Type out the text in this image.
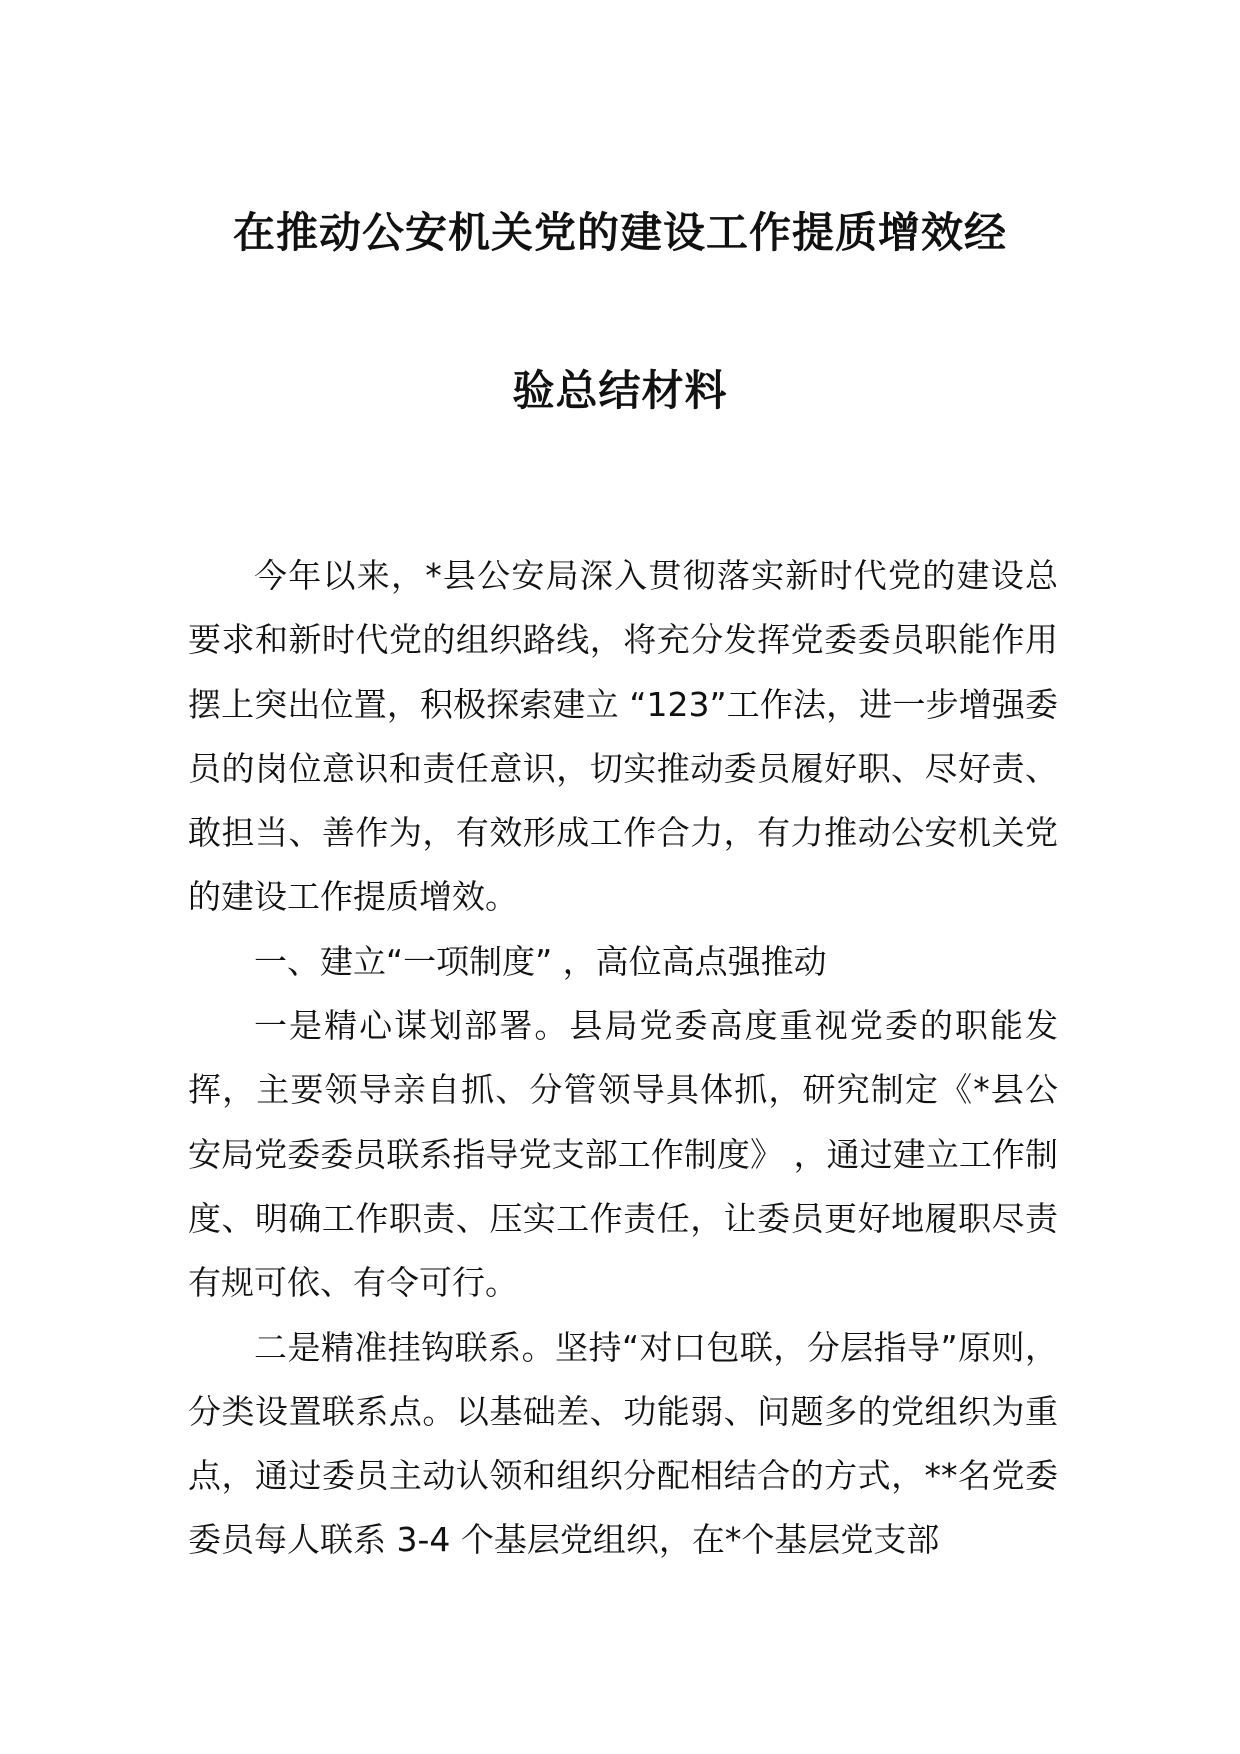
在推动公安机关党的建设工作提质增效经
验总结材料

今年以来，*县公安局深入贯彻落实新时代党的建设总要求和新时代党的组织路线，将充分发挥党委委员职能作用摆上突出位置，积极探索建立 “123”工作法，进一步增强委员的岗位意识和责任意识，切实推动委员履好职、尽好责、敢担当、善作为，有效形成工作合力，有力推动公安机关党的建设工作提质增效。

一、建立“一项制度” ，高位高点强推动

一是精心谋划部署。县局党委高度重视党委的职能发挥，主要领导亲自抓、分管领导具体抓，研究制定《*县公安局党委委员联系指导党支部工作制度》 ，通过建立工作制度、明确工作职责、压实工作责任，让委员更好地履职尽责有规可依、有令可行。

二是精准挂钩联系。坚持“对口包联，分层指导”原则，分类设置联系点。以基础差、功能弱、问题多的党组织为重点，通过委员主动认领和组织分配相结合的方式，**名党委委员每人联系 3-4 个基层党组织，在*个基层党支部
